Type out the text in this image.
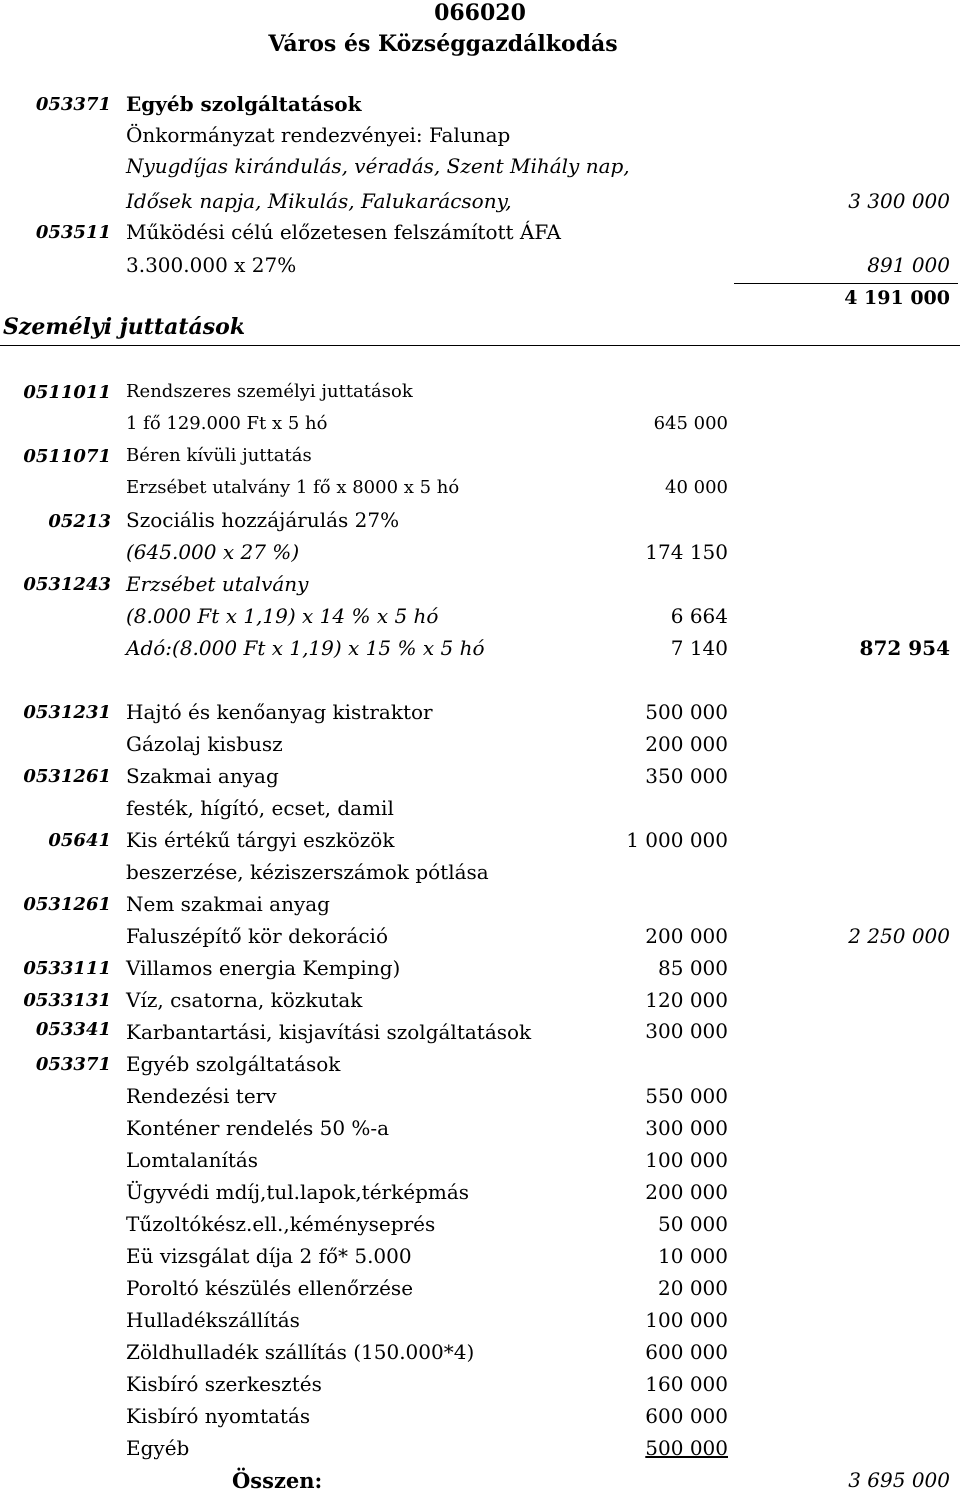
066020
Város és Községgazdálkodás
053371 Egyéb szolgáltatások
Önkormányzat rendezvényei: Falunap
Nyugdíjas kirándulás, véradás, Szent Mihály nap,
Idősek napja, Mikulás, Falukarácsony,	3 300 000
053511 Működési célú előzetesen felszámított ÁFA
3.300.000 x 27%	891 000
4 191 000
Személyi juttatások
0511011 Rendszeres személyi juttatások
1 fő 129.000 Ft x 5 hó	645 000
0511071 Béren kívüli juttatás
Erzsébet utalvány 1 fő x 8000 x 5 hó	40 000
05213 Szociális hozzájárulás 27%
(645.000 x 27 %)	174 150
0531243 Erzsébet utalvány
(8.000 Ft x 1,19) x 14 % x 5 hó	6 664
Adó:(8.000 Ft x 1,19) x 15 % x 5 hó	7 140	872 954
0531231 Hajtó és kenőanyag kistraktor	500 000
Gázolaj kisbusz	200 000
0531261 Szakmai anyag	350 000
festék, hígító, ecset, damil
05641 Kis értékű tárgyi eszközök	1 000 000
beszerzése, kéziszerszámok pótlása
0531261 Nem szakmai anyag
Faluszépítő kör dekoráció	200 000	2 250 000
0533111 Villamos energia Kemping)	85 000
0533131 Víz, csatorna, közkutak	120 000
053341 Karbantartási, kisjavítási szolgáltatások	300 000
053371 Egyéb szolgáltatások
Rendezési terv	550 000
Konténer rendelés 50 %-a	300 000
Lomtalanítás	100 000
Ügyvédi mdíj,tul.lapok,térképmás	200 000
Tűzoltókész.ell.,kéményseprés	50 000
Eü vizsgálat díja 2 fő* 5.000	10 000
Poroltó készülés ellenőrzése	20 000
Hulladékszállítás	100 000
Zöldhulladék szállítás (150.000*4)	600 000
Kisbíró szerkesztés	160 000
Kisbíró nyomtatás	600 000
Egyéb	500 000
Összen:	3 695 000
